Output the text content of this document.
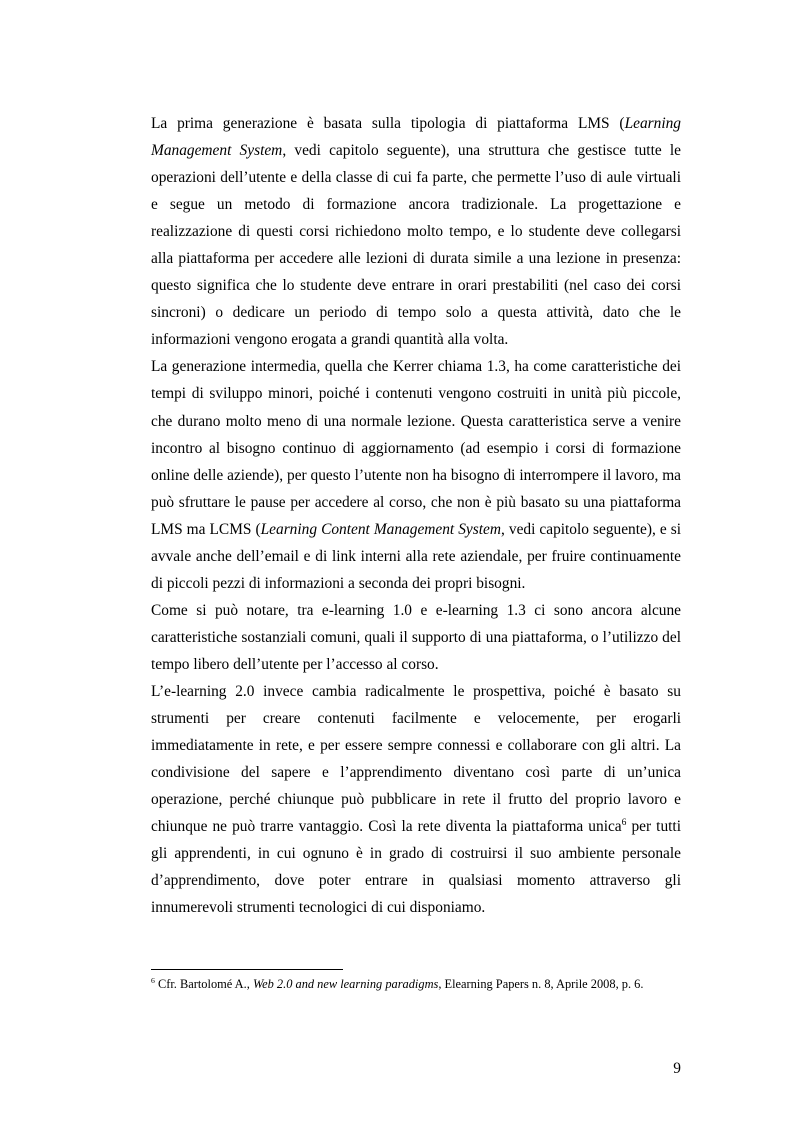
La prima generazione è basata sulla tipologia di piattaforma LMS (Learning Management System, vedi capitolo seguente), una struttura che gestisce tutte le operazioni dell’utente e della classe di cui fa parte, che permette l’uso di aule virtuali e segue un metodo di formazione ancora tradizionale. La progettazione e realizzazione di questi corsi richiedono molto tempo, e lo studente deve collegarsi alla piattaforma per accedere alle lezioni di durata simile a una lezione in presenza: questo significa che lo studente deve entrare in orari prestabiliti (nel caso dei corsi sincroni) o dedicare un periodo di tempo solo a questa attività, dato che le informazioni vengono erogata a grandi quantità alla volta.

La generazione intermedia, quella che Kerrer chiama 1.3, ha come caratteristiche dei tempi di sviluppo minori, poiché i contenuti vengono costruiti in unità più piccole, che durano molto meno di una normale lezione. Questa caratteristica serve a venire incontro al bisogno continuo di aggiornamento (ad esempio i corsi di formazione online delle aziende), per questo l’utente non ha bisogno di interrompere il lavoro, ma può sfruttare le pause per accedere al corso, che non è più basato su una piattaforma LMS ma LCMS (Learning Content Management System, vedi capitolo seguente), e si avvale anche dell’email e di link interni alla rete aziendale, per fruire continuamente di piccoli pezzi di informazioni a seconda dei propri bisogni.

Come si può notare, tra e-learning 1.0 e e-learning 1.3 ci sono ancora alcune caratteristiche sostanziali comuni, quali il supporto di una piattaforma, o l’utilizzo del tempo libero dell’utente per l’accesso al corso.

L’e-learning 2.0 invece cambia radicalmente le prospettiva, poiché è basato su strumenti per creare contenuti facilmente e velocemente, per erogarli immediatamente in rete, e per essere sempre connessi e collaborare con gli altri. La condivisione del sapere e l’apprendimento diventano così parte di un’unica operazione, perché chiunque può pubblicare in rete il frutto del proprio lavoro e chiunque ne può trarre vantaggio. Così la rete diventa la piattaforma unica$^6$ per tutti gli apprendenti, in cui ognuno è in grado di costruirsi il suo ambiente personale d’apprendimento, dove poter entrare in qualsiasi momento attraverso gli innumerevoli strumenti tecnologici di cui disponiamo.

$^6$ Cfr. Bartolomé A., Web 2.0 and new learning paradigms, Elearning Papers n. 8, Aprile 2008, p. 6.
9
